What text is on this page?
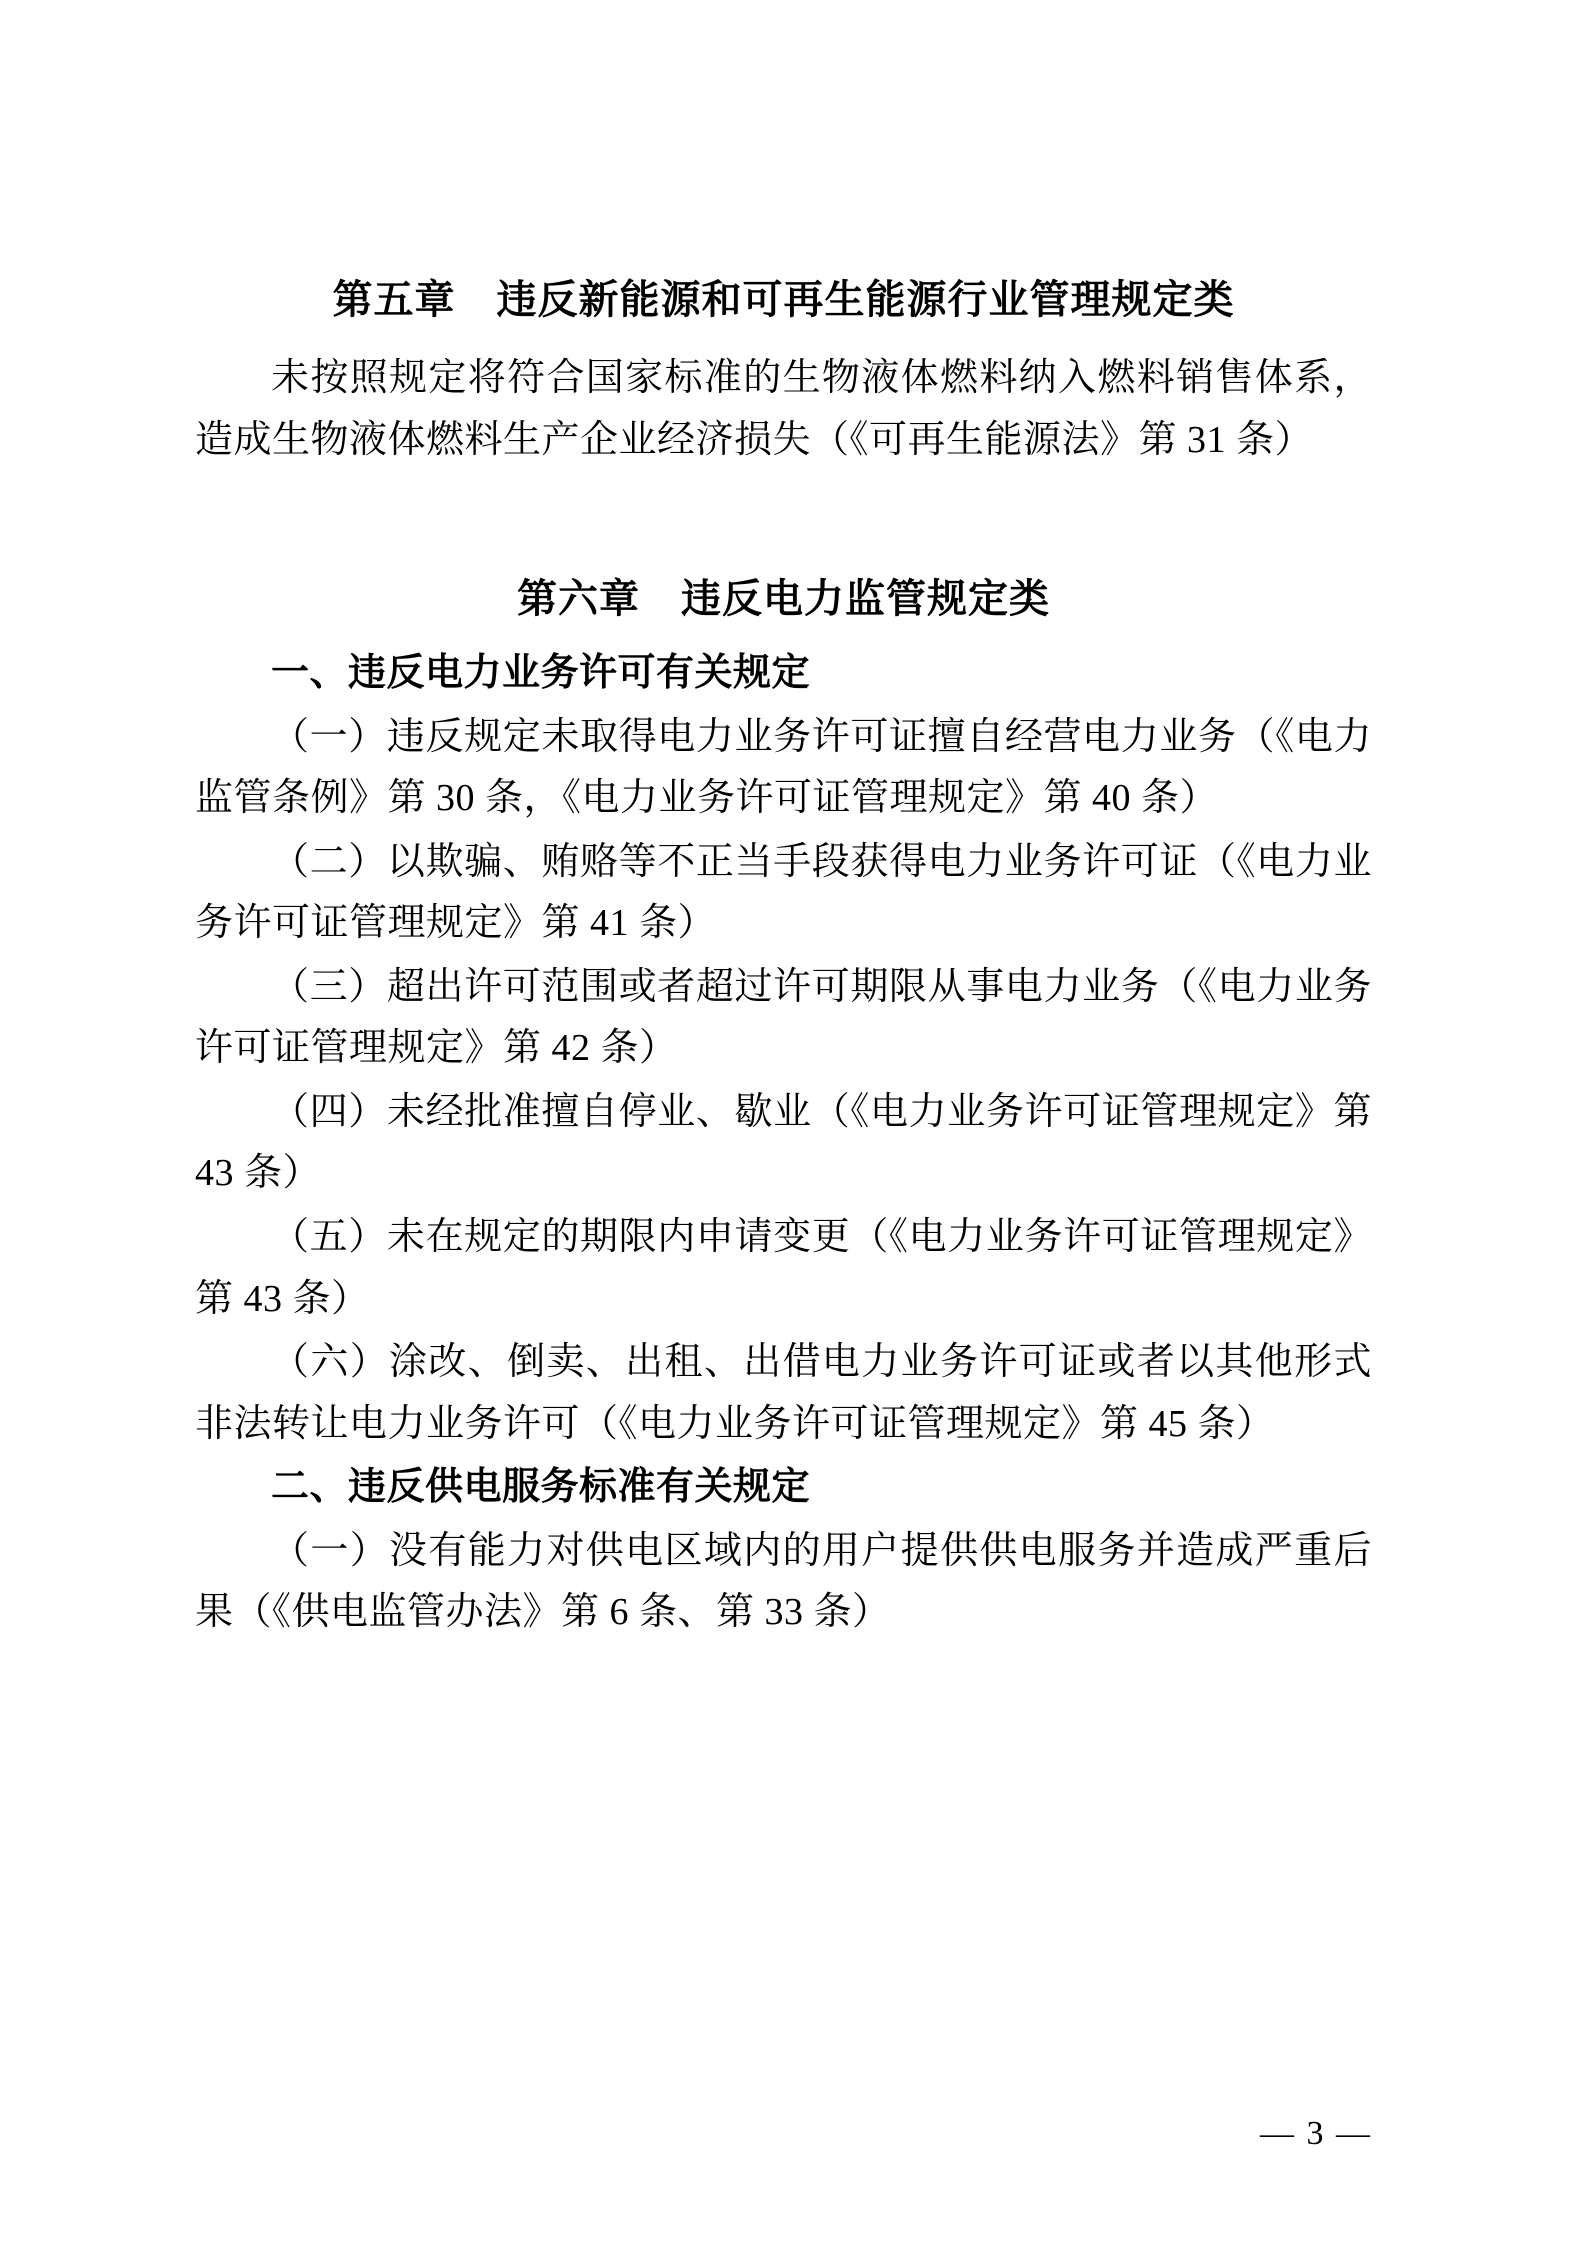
第五章　违反新能源和可再生能源行业管理规定类

未按照规定将符合国家标准的生物液体燃料纳入燃料销售体系，造成生物液体燃料生产企业经济损失（《可再生能源法》第 31 条）

第六章　违反电力监管规定类
一、违反电力业务许可有关规定

（一）违反规定未取得电力业务许可证擅自经营电力业务（《电力监管条例》第 30 条，《电力业务许可证管理规定》第 40 条）

（二）以欺骗、贿赂等不正当手段获得电力业务许可证（《电力业务许可证管理规定》第 41 条）

（三）超出许可范围或者超过许可期限从事电力业务（《电力业务许可证管理规定》第 42 条）

（四）未经批准擅自停业、歇业（《电力业务许可证管理规定》第 43 条）

（五）未在规定的期限内申请变更（《电力业务许可证管理规定》第 43 条）

（六）涂改、倒卖、出租、出借电力业务许可证或者以其他形式非法转让电力业务许可（《电力业务许可证管理规定》第 45 条）

二、违反供电服务标准有关规定

（一）没有能力对供电区域内的用户提供供电服务并造成严重后果（《供电监管办法》第 6 条、第 33 条）

— 3 —
